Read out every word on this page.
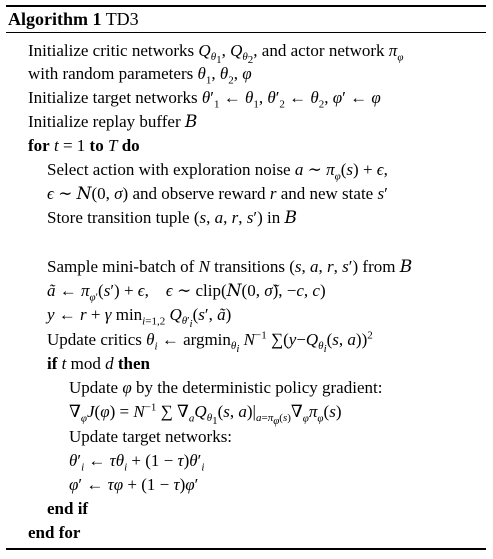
Algorithm 1 TD3
Initialize critic networks $Q_{\theta_1}$, $Q_{\theta_2}$, and actor network $\pi_\varphi$
with random parameters $\theta_1$, $\theta_2$, φ
Initialize target networks $\theta'_1$ ← $\theta_1$, $\theta'_2$ ← $\theta_2$, φ′ ← φ
Initialize replay buffer B
for t = 1 to T do
Select action with exploration noise a ∼ $\pi_\varphi(s) + \epsilon$,
ϵ ∼ N(0, σ) and observe reward r and new state s′
Store transition tuple (s, a, r, s′) in B
Sample mini-batch of N transitions (s, a, r, s′) from B
ã ← $\pi_{\varphi'}(s') + \epsilon$,    ϵ ∼ clip(N(0, σ̃), −c, c)
y ← r + γ $\min_{i=1,2} Q_{\theta'_i}(s'$, ã)
Update critics $\theta_i$ ← argmin$_{\theta_i}$ $N^{-1}$ $\sum(y-Q_{\theta_i}(s$, a))$^2$
if t mod d then
Update φ by the deterministic policy gradient:
$\nabla_\varphi J(\varphi) = N^{-1}$ ∑ $\nabla_aQ_{\theta_1}(s$, $a)|_{a=\pi_\varphi(s)}\nabla_\varphi\pi_\varphi(s)$
Update target networks:
$\theta'_i$ ← $\tau\theta_i + (1 - \tau)\theta'_i$
φ′ ← τφ + (1 − τ)φ′
end if
end for
